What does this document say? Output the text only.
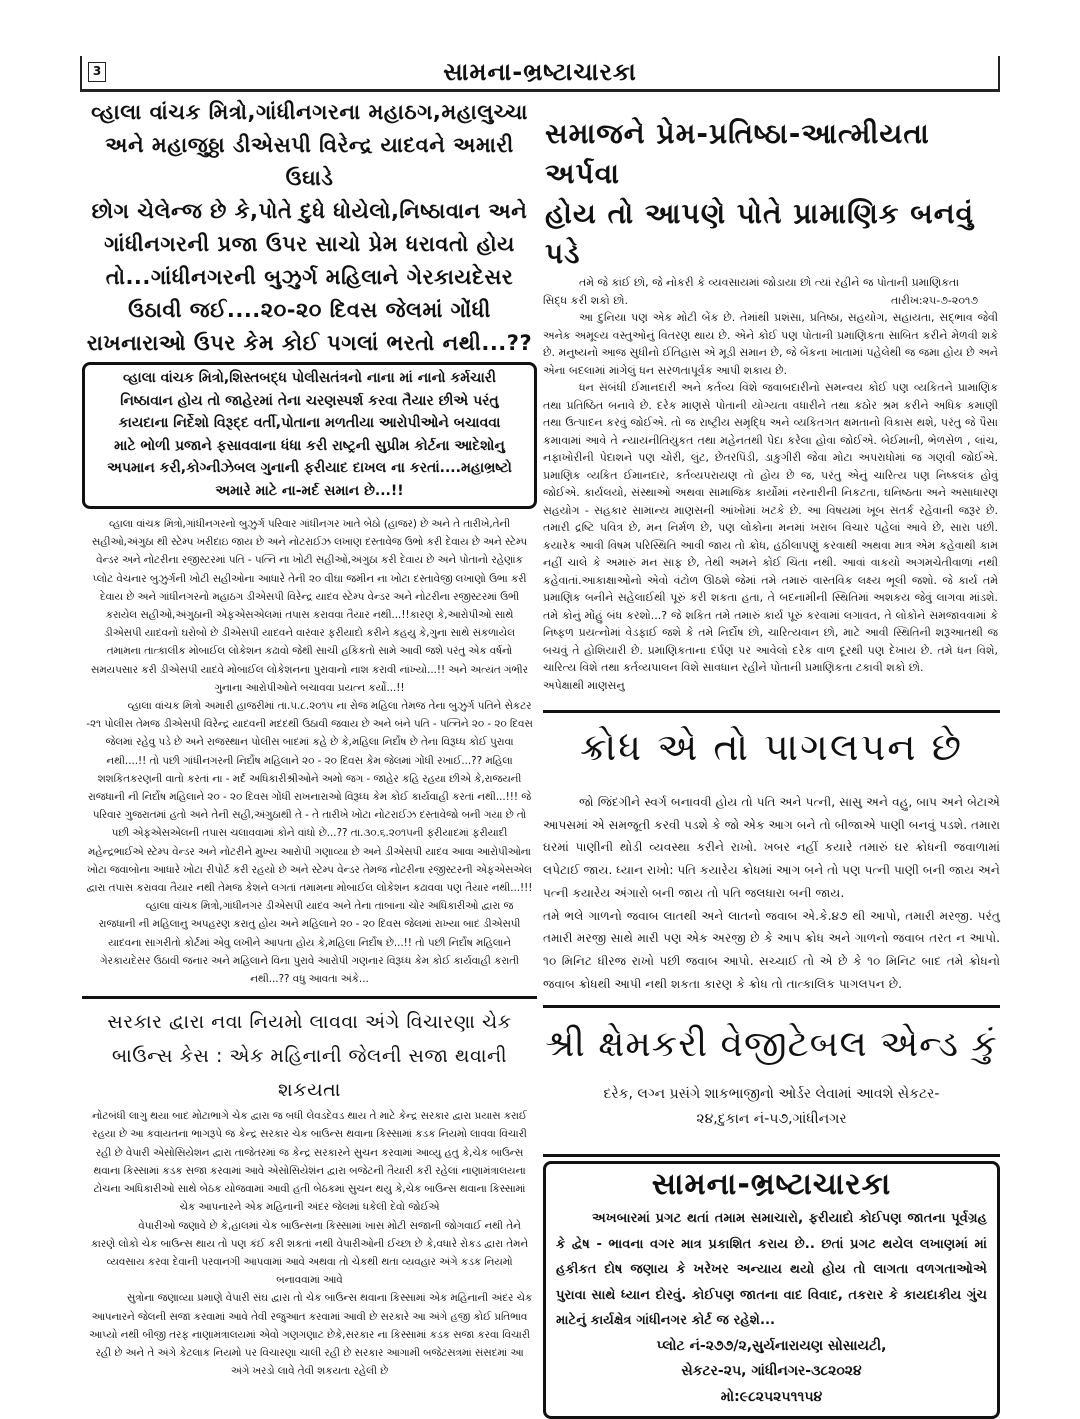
3	સામના-ભ્રષ્ટાચારકા
વ્હાલા વાંચક મિત્રો,ગાંધીનગરના મહાઠગ,મહાલુચ્ચા
અને મહાજુઠ્ઠા ડીએસપી વિરેન્દ્ર યાદવને અમારી ઉઘાડે
છોગ ચેલેન્જ છે કે,પોતે દુધે ધોયેલો,નિષ્ઠાવાન અને
ગાંધીનગરની પ્રજા ઉપર સાચો પ્રેમ ધરાવતો હોય
તો...ગાંધીનગરની બુઝુર્ગ મહિલાને ગેરકાયદેસર
ઉઠાવી જઈ....૨૦-૨૦ દિવસ જેલમાં ગોંધી
રાખનારાઓ ઉપર કેમ કોઈ પગલાં ભરતો નથી...??
વ્હાલા વાંચક મિત્રો,શિસ્તબદ્ધ પોલીસતંત્રનો નાના માં નાનો કર્મચારી
નિષ્ઠાવાન હોય તો જાહેરમાં તેના ચરણસ્પર્શ કરવા તૈયાર છીએ પરંતુ
કાયદાના નિર્દેશો વિરૂદ્દ વર્તી,પોતાના મળતીયા આરોપીઓને બચાવવા
માટે ભોળી પ્રજાને ફસાવવાના ધંધા કરી રાષ્ટ્રની સુપ્રીમ કોર્ટના આદેશોનુ
અપમાન કરી,કોગ્નીઝેબલ ગુનાની ફરીયાદ દાખલ ના કરતાં....મહાભ્રષ્ટો
અમારે માટે ના-મર્દ સમાન છે...!!

વ્હાલા વાંચક મિત્રો,ગાંધીનગરનો બુઝુર્ગ પરિવાર ગાંધીનગર ખાતે બેઠો (હાજર) છે અને તે તારીખે,તેની સહીઓ,અંગુઠા થી સ્ટેમ્પ ખરીદાઇ જાય છે અને નોટરાઈઝ લખાણ દસ્તાવેજ ઉભો કરી દેવાય છે અને સ્ટેમ્પ વેન્ડર અને નોટરીના રજીસ્ટરમાં પતિ - પત્નિ ના ખોટી સહીઓ,અંગુઠા કરી દેવાય છે અને પોતાનો રહેણાંક પ્લોટ વેચનાર બુઝુર્ગની ખોટી સહીઓના આધારે તેની ૨૦ વીઘા જમીન ના ખોટા દસ્તાવેજી લખાણો ઉભા કરી દેવાય છે અને ગાંધીનગરનો મહાઠગ ડીએસપી વિરેન્દ્ર યાદવ સ્ટેમ્પ વેન્ડર અને નોટરીના રજીસ્ટરમાં ઉભી કરાયેલ સહીઓ,અંગુઠાની એફએસએલમાં તપાસ કરાવવા તૈયાર નથી...!!કારણ કે,આરોપીઓ સાથે ડીએસપી યાદવનો ઘરોબો છે ડીએસપી યાદવને વારંવાર ફરીયાદો કરીને કહયુ કે,ગુના સાથે સંકળાયેલ તમામના તાત્કાલીક મોબાઈલ લોકેશન કઢાવો જેથી સાચી હકિકતો સામે આવી જશે પરંતુ એક વર્ષનો સમયપસાર કરી ડીએસપી યાદવે મોબાઈલ લોકેશનના પુરાવાનો નાશ કરાવી નાંખ્યો...!! અને અત્યંત ગંભીર ગુનાના આરોપીઓને બચાવવા પ્રયત્ન કર્યો...!!

વ્હાલા વાંચક મિત્રો અમારી હાજરીમાં તા.૫.૮.૨૦૧૫ ના રોજ મહિલા તેમજ તેના બુઝુર્ગ પતિને સેકટર -૨૧ પોલીસ તેમજ ડીએસપી વિરેન્દ્ર યાદવની મદદથી ઉઠાવી જવાય છે અને બંને પતિ - પત્નિને ૨૦ - ૨૦ દિવસ જેલમાં રહેવુ પડે છે અને રાજસ્થાન પોલીસ બાદમાં કહે છે કે,મહિલા નિર્દોષ છે તેના વિરૂધ્ધ કોઈ પુરાવા નથી....!! તો પછી ગાંધીનગરની નિર્દોષ મહિલાને ૨૦ - ૨૦ દિવસ કેમ જેલમાં ગોંધી રખાઈ...?? મહિલા શશકિતકરણની વાતો કરતાં ના - મર્દ અધિકારીશ્રીઓને અમો જગ - જાહેર કહિ રહયા છીએ કે,રાજયની રાજધાની ની નિર્દોષ મહિલાને ૨૦ - ૨૦ દિવસ ગોંધી રાખનારાઓ વિરૂધ્ધ કેમ કોઈ કાર્યવાહી કરતાં નથી...!!! જે પરિવાર ગુજરાતમાં હતો અને તેની સહી,અંગુઠાથી તે - તે તારીખે ખોટા નોટરાઈઝ દસ્તાવેજો બની ગયા છે તો પછી એફએસએલની તપાસ ચલાવવામાં કોને વાંધો છે...?? તા.૩૦.૬.૨૦૧૫ની ફરીયાદમાં ફરીયાદી મહેન્દ્રભાઈએ સ્ટેમ્પ વેન્ડર અને નોટરીને મુખ્ય આરોપી ગણાવ્યા છે અને ડીએસપી યાદવ આવા આરોપીઓના ખોટા જવાબોના આધારે ખોટા રીપોર્ટ કરી રહયો છે અને સ્ટેમ્પ વેન્ડર તેમજ નોટરીના રજીસ્ટરની એફએસએલ દ્વારા તપાસ કરાવવા તૈયાર નથી તેમજ કેશને લગતાં તમામના મોબાઈલ લોકેશન કઢાવવા પણ તૈયાર નથી...!!!

વ્હાલા વાંચક મિત્રો,ગાંધીનગર ડીએસપી યાદવ અને તેના તાબાના ચોર અધિકારીઓ દ્વારા જ રાજધાની ની મહિલાનુ અપહરણ કરાતુ હોય અને મહિલાને ૨૦ - ૨૦ દિવસ જેલમાં રાખ્યા બાદ ડીએસપી યાદવના સાગરીતો કોર્ટમાં એવુ લખીને આપતા હોય કે,મહિલા નિર્દોષ છે...!! તો પછી નિર્દોષ મહિલાને ગેરકાયદેસર ઉઠાવી જનાર અને મહિલાને વિના પુરાવે આરોપી ગણનાર વિરૂધ્ધ કેમ કોઈ કાર્યવાહી કરાતી નથી...?? વધુ આવતા અંકે...

સરકાર દ્વારા નવા નિયમો લાવવા અંગે વિચારણા ચેક
બાઉન્સ કેસ : એક મહિનાની જેલની સજા થવાની શકયતા

નોટબંધી લાગુ થયા બાદ મોટાભાગે ચેક દ્વારા જ બધી લેવડદેવડ થાય તે માટે કેન્દ્ર સરકાર દ્વારા પ્રયાસ કરાઈ રહયા છે આ કવાયતના ભાગરૂપે જ કેન્દ્ર સરકાર ચેક બાઉન્સ થવાના કિસ્સામાં કડક નિયમો લાવવા વિચારી રહી છે વેપારી એસોસિયેશન દ્વારા તાજેતરમાં જ કેન્દ્ર સરકારને સુચન કરવામાં આવ્યુ હતુ કે,ચેક બાઉન્સ થવાના કિસ્સામાં કડક સજા કરવામાં આવે એસોસિયેશંન દ્વારા બજેટની તૈયારી કરી રહેલાં નાણામંત્રાલયના ટોચના અધિકારીઓ સાથે બેઠક યોજવામાં આવી હતી બેઠકમાં સુચન થયુ કે,ચેક બાઉન્સ થવાના કિસ્સામાં ચેક આપનારને એક મહિનાની અંદર જેલમાં ધકેલી દેવો જોઈએ

વેપારીઓ જણાવે છે કે,હાલમાં ચેક બાઉન્સના કિસ્સામાં ખાસ મોટી સજાની જોગવાઈ નથી તેને કારણે લોકો ચેક બાઉન્સ થાય તો પણ કંઈ કરી શકતાં નથી વેપારીઓની ઈચ્છા છે કે,વધારે રોકડ દ્વારા તેમને વ્યવસાય કરવા દેવાની પરવાનગી આપવામાં આવે અથવા તો ચેકથી થતા વ્યવહાર અંગે કડક નિયમો બનાવવામાં આવે

સુત્રોના જણાવ્યા પ્રમાણે વેપારી સંઘ દ્વારા તો ચેક બાઉન્સ થવાના કિસ્સામાં એક મહિનાની અંદર ચેક આપનારને જેલની સજા કરવામાં આવે તેવી રજુઆત કરવામાં આવી છે સરકારે આ અંગે હજી કોઈ પ્રતિભાવ આપ્યો નથી બીજી તરફ નાણામંત્રાલયમાં એવો ગણગણાટ છેકે,સરકાર ના કિસ્સામાં કડક સજા કરવા વિચારી રહી છે અને તે અંગે કેટલાક નિયમો પર વિચારણા ચાલી રહી છે સરકાર આગામી બજેટસત્રમાં સંસદમાં આ અંગે ખરડો લાવે તેવી શકયતા રહેલી છે

સમાજને પ્રેમ-પ્રતિષ્ઠા-આત્મીયતા અર્પવા
હોય તો આપણે પોતે પ્રામાણિક બનવું પડે

તમે જે કાંઈ છો, જે નોકરી કે વ્યવસાયમાં જોડાયા છો ત્યાં રહીને જ પોતાની પ્રમાણિકતા

સિદ્ધ કરી શકો છો.	તારીખ:૨૫-૭-૨૦૧૭

આ દુનિયા પણ એક મોટી બેંક છે. તેમાંથી પ્રશંસા, પ્રતિષ્ઠા, સહયોગ, સહાયતા, સદ્ભાવ જેવી અનેક અમૂલ્ય વસ્તુઓનું વિતરણ થાય છે. એને કોઈ પણ પોતાની પ્રમાણિકતા સાબિત કરીને મેળવી શકે છે. મનુષ્યનો આજ સુધીનો ઈતિહાસ એ મૂડી સમાન છે, જે બેંકના ખાતામાં પહેલેથી જ જમા હોય છે અને એના બદલામાં માંગેલું ધન સરળતાપૂર્વક આપી શકાય છે.

ધન સંબંધી ઈમાનદારી અને કર્તવ્ય વિશે જવાબદારીનો સમન્વય કોઈ પણ વ્યકિતને પ્રામાણિક તથા પ્રતિષ્ઠિત બનાવે છે. દરેક માણસે પોતાની યોગ્યતા વધારીને તથા કઠોર શ્રમ કરીને અધિક કમાણી તથા ઉત્પાદન કરવું જોઈએ. તો જ રાષ્ટ્રીય સમૃદ્ધિ અને વ્યકિતગત ક્ષમતાનો વિકાસ થશે, પરંતુ જે પૈસા કમાવામાં આવે તે ન્યાયનીતિયુકત તથા મહેનતથી પેદા કરેલા હોવા જોઈએ. બેઈમાની, ભેળસેળ , લાંચ, નફાખોરીની પેદાશને પણ ચોરી, લુંટ, છેતરપિંડી, ડાકુગીરી જેવા મોટા અપરાધોમાં જ ગણવી જોઈએ. પ્રમાણિક વ્યકિત ઈમાનદાર, કર્તવ્યપરાયણ તો હોય છે જ, પરંતુ એનું ચારિત્ય પણ નિષ્કલંક હોવું જોઈએ. કાર્યલયો, સંસ્થાઓ અથવા સામાજિક કાર્યોમાં નરનારીની નિકટતા, ઘનિષ્ઠતા અને અસાધારણ સહયોગ - સહકાર સામાન્ય માણસની આંખોમાં ખટકે છે. આ વિષયમાં ખૂબ સતર્ક રહેવાની જરૂર છે. તમારી દ્રષ્ટિ પવિત્ર છે, મન નિર્મળ છે, પણ લોકોના મનમાં ખરાબ વિચાર પહેલાં આવે છે, સારા પછી. કયારેક આવી વિષમ પરિસ્થિતિ આવી જાય તો ક્રોધ, હઠીલાપણું કરવાથી અથવા માત્ર એમ કહેવાથી કામ નહીં ચાલે કે અમારું મન સાફ છે, તેથી અમને કોઈ ચિંતા નથી. આવાં વાકયો અગમચેતીવાળાં નથી કહેવાતાં.આકાક્ષાઓનો એવો વંટોળ ઊઠશે જેમાં તમે તમારું વાસ્તવિક લક્ષ્ય ભૂલી જશો. જે કાર્ય તમે પ્રમાણિક બનીને સહેલાઈથી પૂરું કરી શકતા હતા, તે બદનામીની સ્થિતિમાં અશકય જેવું લાગવા માંડશે. તમે કોનું મોંહું બંધ કરશો...? જે શકિત તમે તમારું કાર્ય પૂરું કરવામાં લગાવત, તે લોકોને સમજાવવામાં કે નિષ્ફળ પ્રયત્નોમાં વેડફાઈ જશે કે તમે નિર્દોષ છો, ચારિત્યવાન છો, માટે આવી સ્થિતિની શરૂઆતથી જ બચવું તે હોશિયારી છે. પ્રમાણિકતાના દર્પણ પર આવેલો દરેક વાળ દૂરથી પણ દેખાય છે. તમે ધન વિશે, ચારિત્ય વિશે તથા કર્તવ્યપાલન વિશે સાવધાન રહીને પોતાની પ્રમાણિકતા ટકાવી શકો છો.

અપેક્ષાથી માણસનુ

ક્રોધ એ તો પાગલપન છે

જો જિંદગીને સ્વર્ગ બનાવવી હોય તો પતિ અને પત્ની, સાસુ અને વહુ, બાપ અને બેટાએ આપસમાં એ સમજૂતી કરવી પડશે કે જો એક આગ બને તો બીજાએ પાણી બનવું પડશે. તમારા ઘરમાં પાણીની થોડી વ્યવસ્થા કરીને રાખો. ખબર નહીં કયારે તમારું ઘર ક્રોધની જવાળામાં લપેટાઈ જાય. ધ્યાન રાખો: પતિ કયારેય ક્રોધમાં આગ બને તો પણ પત્ની પાણી બની જાય અને પત્ની કયારેય અંગારો બની જાય તો પતિ જલધારા બની જાય.

તમે ભલે ગાળનો જવાબ લાતથી અને લાતનો જવાબ એ.કે.૪૭ થી આપો, તમારી મરજી. પરંતુ તમારી મરજી સાથે મારી પણ એક અરજી છે કે આપ ક્રોધ અને ગાળનો જવાબ તરત ન આપો. ૧૦ મિનિટ ધીરજ રાખો પછી જવાબ આપો. સચ્ચાઈ તો એ છે કે ૧૦ મિનિટ બાદ તમે ક્રોધનો જવાબ ક્રોધથી આપી નથી શકતા કારણ કે ક્રોધ તો તાત્કાલિક પાગલપન છે.

શ્રી ક્ષેમકરી વેજીટેબલ એન્ડ કું
દરેક, લગ્ન પ્રસંગે શાકભાજીનો ઓર્ડર લેવામાં આવશે સેકટર-
૨૪,દુકાન નં-૫૭,ગાંધીનગર
સામના-ભ્રષ્ટાચારકા

અખબારમાં પ્રગટ થતાં તમામ સમાચારો, ફરીયાદો કોઈપણ જાતના પૂર્વગ્રહ કે દ્વેષ - ભાવના વગર માત્ર પ્રકાશિત કરાય છે.. છતાં પ્રગટ થયેલ લખાણમાં માં હકીકત દોષ જણાય કે ખરેખર અન્યાય થયો હોય તો લાગતા વળગતાઓએ પુરાવા સાથે ધ્યાન દોરવું. કોઈપણ જાતના વાદ વિવાદ, તકરાર કે કાયદાકીય ગુંચ માટેનું કાર્યક્ષેત્ર ગાંધીનગર કોર્ટ જ રહેશે...

પ્લોટ નં-૨૭૭/૨,સુર્યનારાયણ સોસાયટી,
સેકટર-૨૫, ગાંધીનગર-૩૮૨૦૨૪
મો:૯૮૨૫૨૫૧૧૫૪
